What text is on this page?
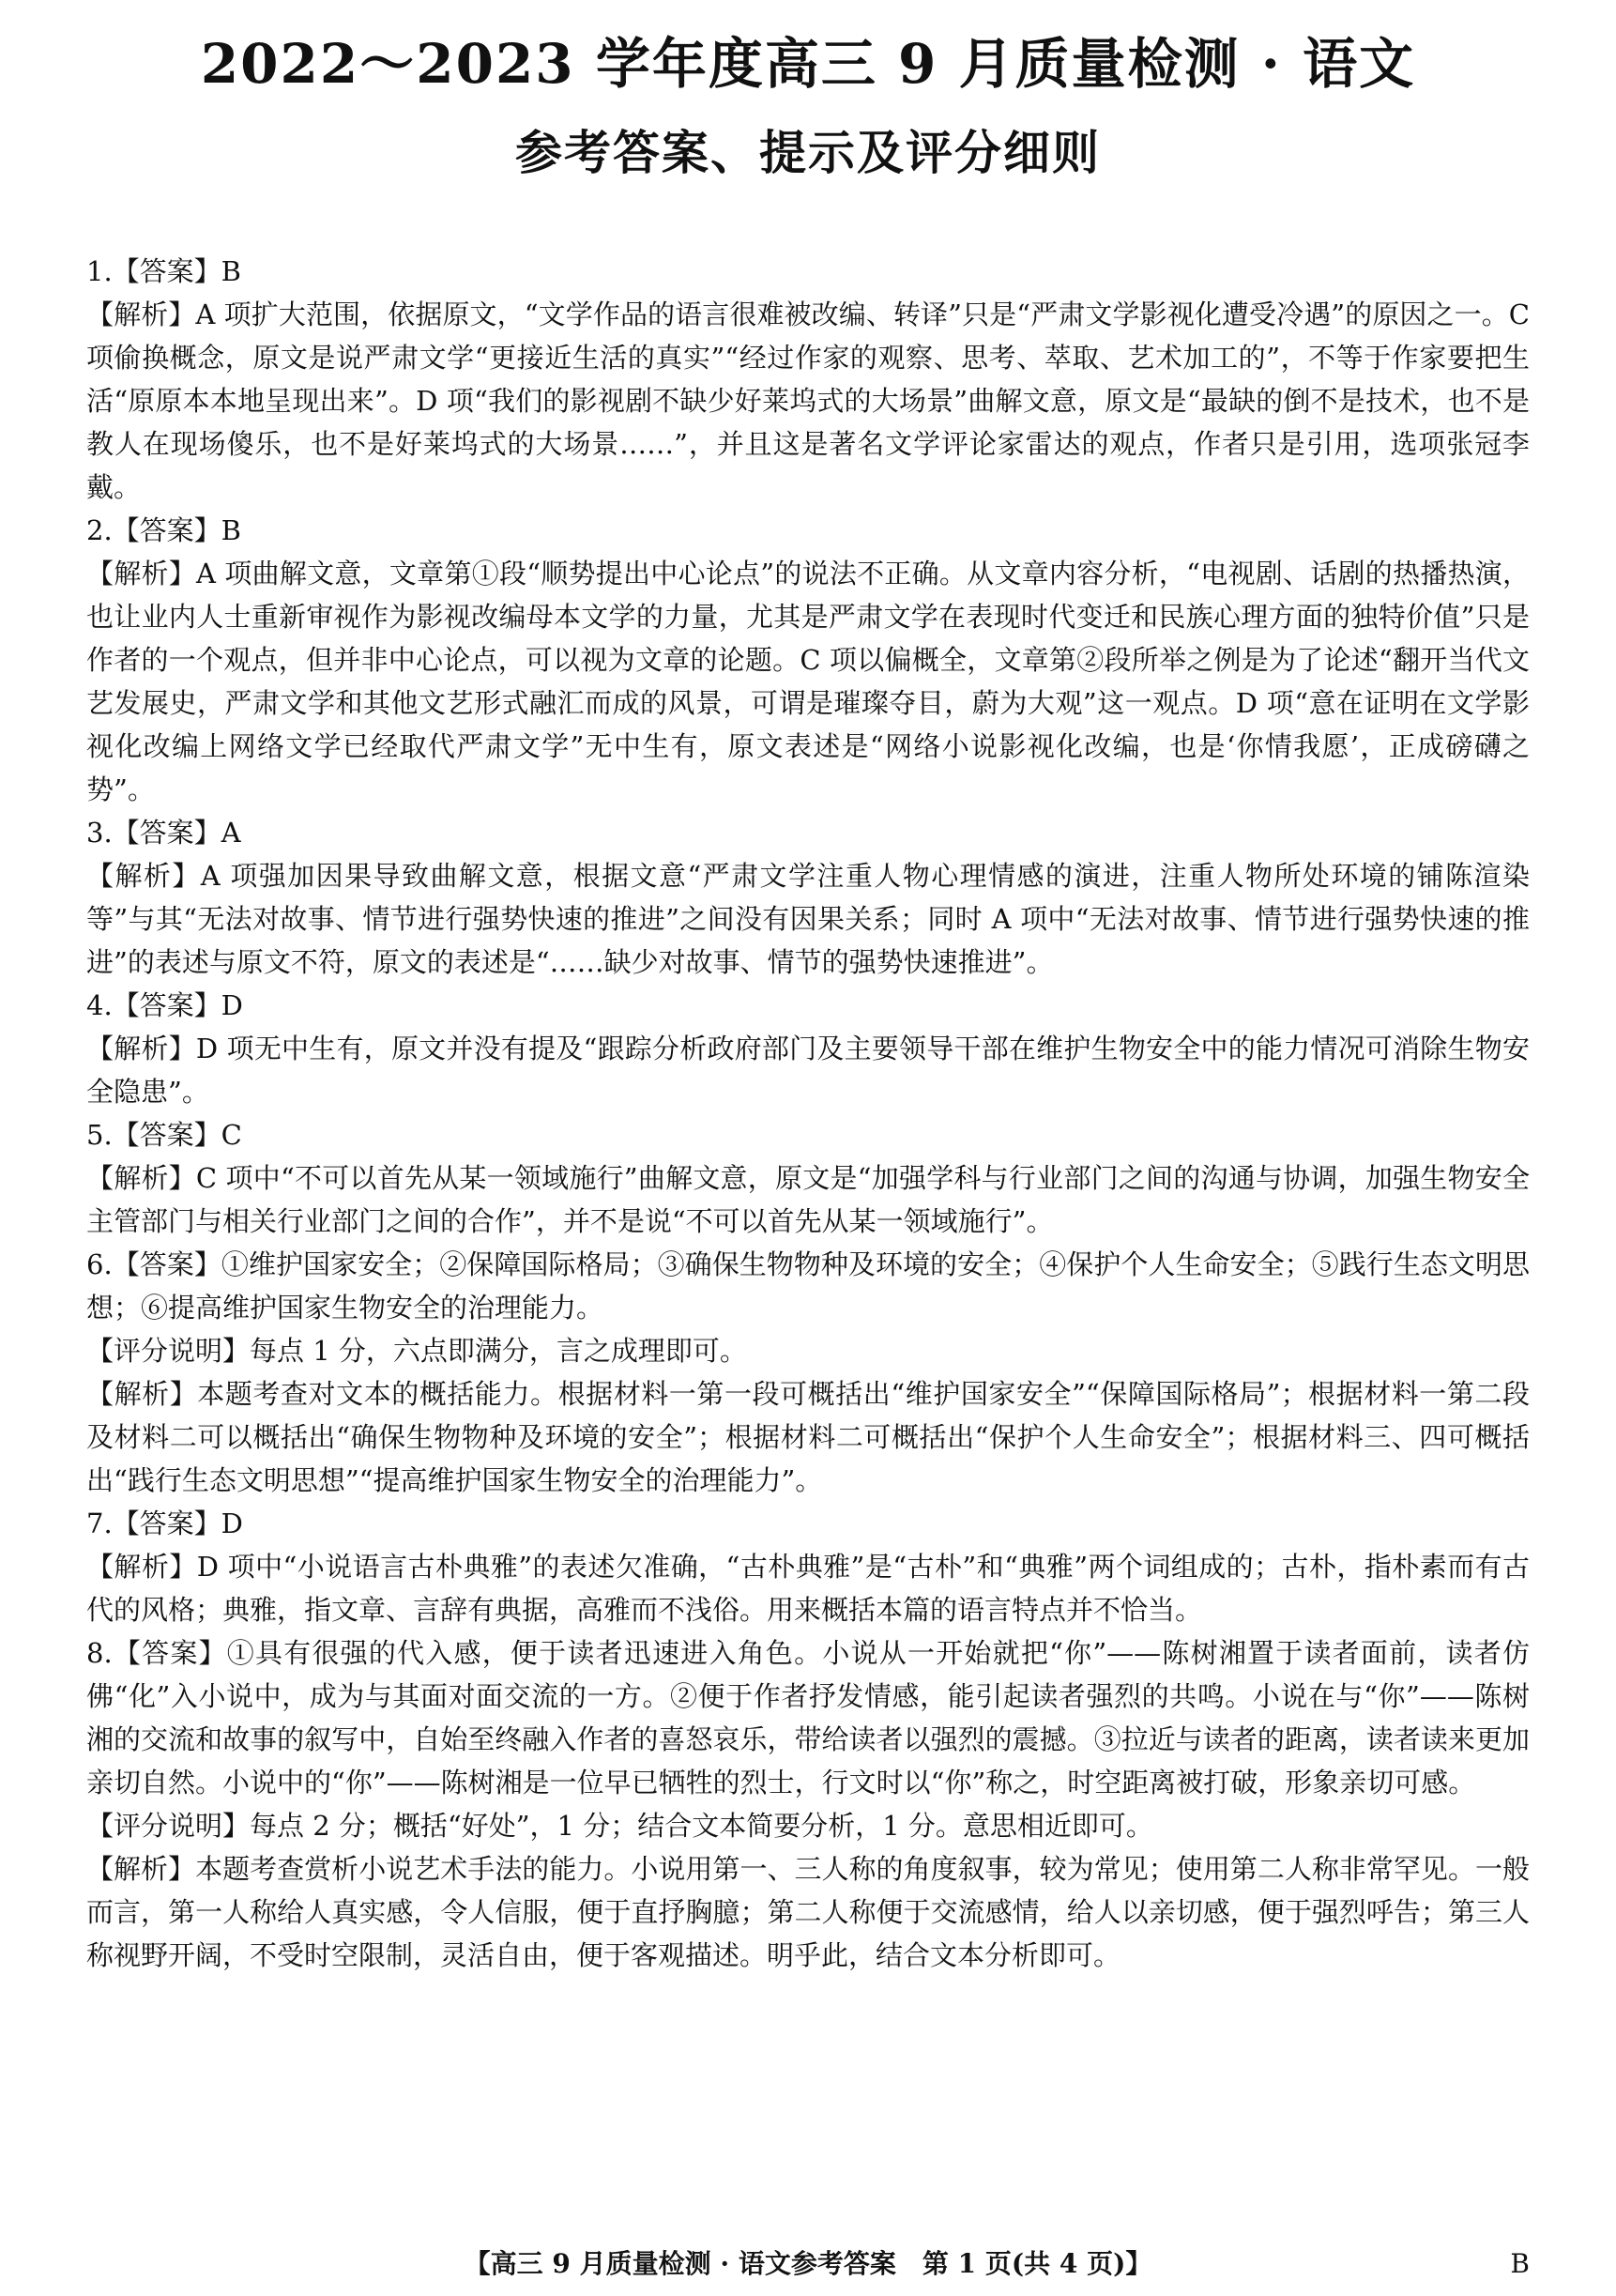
2022～2023 学年度高三 9 月质量检测 · 语文
参考答案、提示及评分细则

1.【答案】B

【解析】A 项扩大范围，依据原文，“文学作品的语言很难被改编、转译”只是“严肃文学影视化遭受冷遇”的原因之一。C 项偷换概念，原文是说严肃文学“更接近生活的真实”“经过作家的观察、思考、萃取、艺术加工的”，不等于作家要把生活“原原本本地呈现出来”。D 项“我们的影视剧不缺少好莱坞式的大场景”曲解文意，原文是“最缺的倒不是技术，也不是教人在现场傻乐，也不是好莱坞式的大场景……”，并且这是著名文学评论家雷达的观点，作者只是引用，选项张冠李戴。

2.【答案】B

【解析】A 项曲解文意，文章第①段“顺势提出中心论点”的说法不正确。从文章内容分析，“电视剧、话剧的热播热演，也让业内人士重新审视作为影视改编母本文学的力量，尤其是严肃文学在表现时代变迁和民族心理方面的独特价值”只是作者的一个观点，但并非中心论点，可以视为文章的论题。C 项以偏概全，文章第②段所举之例是为了论述“翻开当代文艺发展史，严肃文学和其他文艺形式融汇而成的风景，可谓是璀璨夺目，蔚为大观”这一观点。D 项“意在证明在文学影视化改编上网络文学已经取代严肃文学”无中生有，原文表述是“网络小说影视化改编，也是‘你情我愿’，正成磅礴之势”。

3.【答案】A

【解析】A 项强加因果导致曲解文意，根据文意“严肃文学注重人物心理情感的演进，注重人物所处环境的铺陈渲染等”与其“无法对故事、情节进行强势快速的推进”之间没有因果关系；同时 A 项中“无法对故事、情节进行强势快速的推进”的表述与原文不符，原文的表述是“……缺少对故事、情节的强势快速推进”。

4.【答案】D

【解析】D 项无中生有，原文并没有提及“跟踪分析政府部门及主要领导干部在维护生物安全中的能力情况可消除生物安全隐患”。

5.【答案】C

【解析】C 项中“不可以首先从某一领域施行”曲解文意，原文是“加强学科与行业部门之间的沟通与协调，加强生物安全主管部门与相关行业部门之间的合作”，并不是说“不可以首先从某一领域施行”。

6.【答案】①维护国家安全；②保障国际格局；③确保生物物种及环境的安全；④保护个人生命安全；⑤践行生态文明思想；⑥提高维护国家生物安全的治理能力。

【评分说明】每点 1 分，六点即满分，言之成理即可。

【解析】本题考查对文本的概括能力。根据材料一第一段可概括出“维护国家安全”“保障国际格局”；根据材料一第二段及材料二可以概括出“确保生物物种及环境的安全”；根据材料二可概括出“保护个人生命安全”；根据材料三、四可概括出“践行生态文明思想”“提高维护国家生物安全的治理能力”。

7.【答案】D

【解析】D 项中“小说语言古朴典雅”的表述欠准确，“古朴典雅”是“古朴”和“典雅”两个词组成的；古朴，指朴素而有古代的风格；典雅，指文章、言辞有典据，高雅而不浅俗。用来概括本篇的语言特点并不恰当。

8.【答案】①具有很强的代入感，便于读者迅速进入角色。小说从一开始就把“你”——陈树湘置于读者面前，读者仿佛“化”入小说中，成为与其面对面交流的一方。②便于作者抒发情感，能引起读者强烈的共鸣。小说在与“你”——陈树湘的交流和故事的叙写中，自始至终融入作者的喜怒哀乐，带给读者以强烈的震撼。③拉近与读者的距离，读者读来更加亲切自然。小说中的“你”——陈树湘是一位早已牺牲的烈士，行文时以“你”称之，时空距离被打破，形象亲切可感。

【评分说明】每点 2 分；概括“好处”，1 分；结合文本简要分析，1 分。意思相近即可。

【解析】本题考查赏析小说艺术手法的能力。小说用第一、三人称的角度叙事，较为常见；使用第二人称非常罕见。一般而言，第一人称给人真实感，令人信服，便于直抒胸臆；第二人称便于交流感情，给人以亲切感，便于强烈呼告；第三人称视野开阔，不受时空限制，灵活自由，便于客观描述。明乎此，结合文本分析即可。

【高三 9 月质量检测 · 语文参考答案　第 1 页(共 4 页)】	B
